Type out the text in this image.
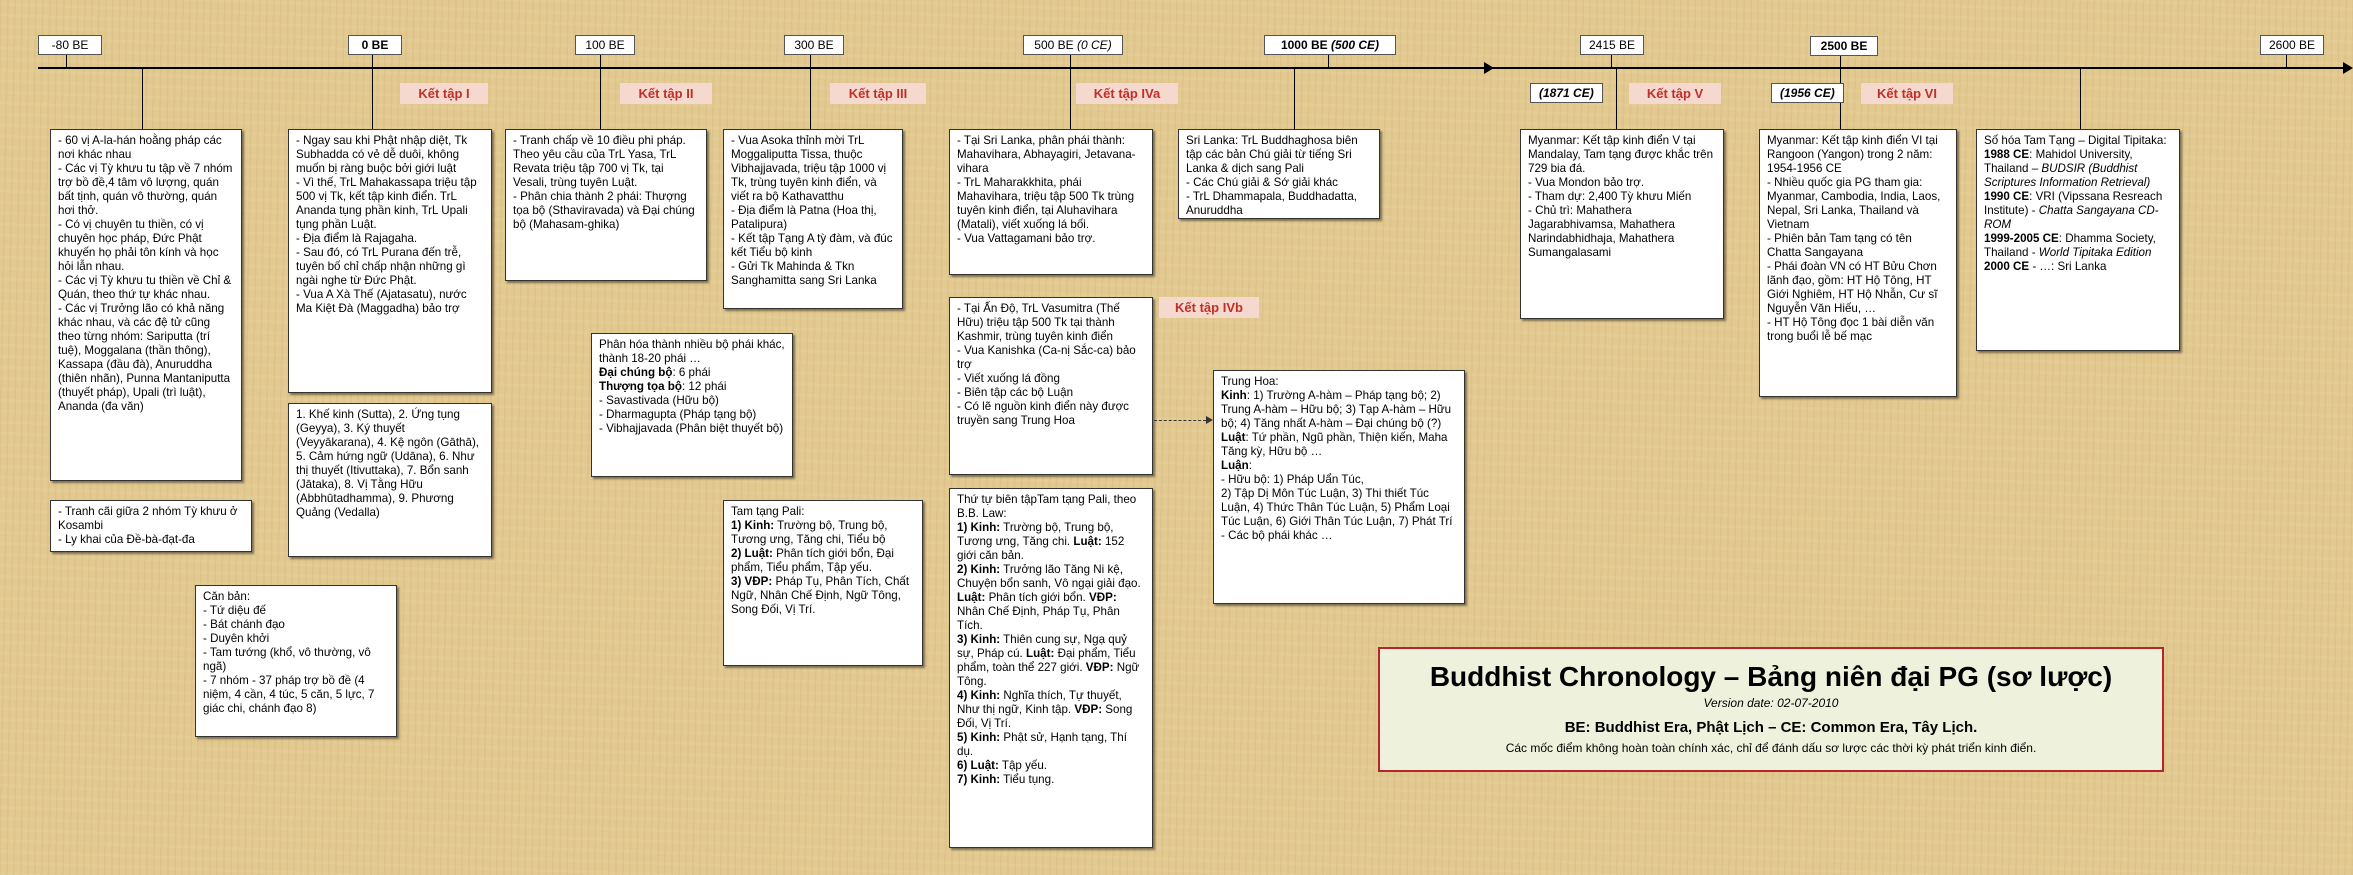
-80 BE	0 BE	100 BE	300 BE	500 BE (0 CE)	1000 BE (500 CE)	2415 BE	2500 BE	2600 BE
Kết tập I	Kết tập II	Kết tập III	Kết tập IVa
Kết tập IVb
Kết tập V	Kết tập VI
(1871 CE)	(1956 CE)
- 60 vị A-la-hán hoằng pháp các nơi khác nhau
- Các vị Tỳ khưu tu tập về 7 nhóm trợ bồ đề,4 tâm vô lượng, quán bất tịnh, quán vô thường, quán hơi thở.
- Có vị chuyên tu thiền, có vị chuyên học pháp, Đức Phật khuyến họ phải tôn kính và học hỏi lẫn nhau.
- Các vị Tỳ khưu tu thiền về Chỉ & Quán, theo thứ tự khác nhau.
- Các vị Trưởng lão có khả năng khác nhau, và các đệ tử cũng theo từng nhóm: Sariputta (trí tuệ), Moggalana (thần thông), Kassapa (đầu đà), Anuruddha (thiên nhãn), Punna Mantaniputta (thuyết pháp), Upali (trì luật), Ananda (đa văn)
- Tranh cãi giữa 2 nhóm Tỳ khưu ở Kosambi
- Ly khai của Đề-bà-đạt-đa
Căn bản:
- Tứ diệu đế
- Bát chánh đạo
- Duyên khởi
- Tam tướng (khổ, vô thường, vô ngã)
- 7 nhóm - 37 pháp trợ bồ đề (4 niệm, 4 cần, 4 túc, 5 căn, 5 lực, 7 giác chi, chánh đạo 8)
- Ngay sau khi Phật nhập diệt, Tk Subhadda có vẻ dễ duôi, không muốn bị ràng buộc bởi giới luật
- Vì thế, TrL Mahakassapa triệu tập 500 vị Tk, kết tập kinh điển. TrL Ananda tụng phần kinh, TrL Upali tụng phần Luật.
- Địa điểm là Rajagaha.
- Sau đó, có TrL Purana đến trễ, tuyên bố chỉ chấp nhận những gì ngài nghe từ Đức Phật.
- Vua A Xà Thế (Ajatasatu), nước Ma Kiệt Đà (Maggadha) bảo trợ
1. Khế kinh (Sutta), 2. Ứng tụng (Geyya), 3. Ký thuyết (Veyyākarana), 4. Kệ ngôn (Gāthā), 5. Cảm hứng ngữ (Udāna), 6. Như thị thuyết (Itivuttaka), 7. Bổn sanh (Jātaka), 8. Vị Tằng Hữu (Abbhūtadhamma), 9. Phương Quảng (Vedalla)
- Tranh chấp về 10 điều phi pháp. Theo yêu cầu của TrL Yasa, TrL Revata triệu tập 700 vị Tk, tại Vesali, trùng tuyên Luật.
- Phân chia thành 2 phái: Thượng tọa bộ (Sthaviravada) và Đại chúng bộ (Mahasam-ghika)
Phân hóa thành nhiều bộ phái khác, thành 18-20 phái …
Đại chúng bộ: 6 phái
Thượng tọa bộ: 12 phái
- Savastivada (Hữu bộ)
- Dharmagupta (Pháp tạng bộ)
- Vibhajjavada (Phân biệt thuyết bộ)
- Vua Asoka thỉnh mời TrL Moggaliputta Tissa, thuộc Vibhajjavada, triệu tập 1000 vị Tk, trùng tuyên kinh điển, và viết ra bộ Kathavatthu
- Địa điểm là Patna (Hoa thị, Patalipura)
- Kết tập Tạng A tỳ đàm, và đúc kết Tiểu bộ kinh
- Gửi Tk Mahinda & Tkn Sanghamitta sang Sri Lanka
Tam tạng Pali:
1) Kinh: Trường bộ, Trung bộ, Tương ưng, Tăng chi, Tiểu bộ
2) Luật: Phân tích giới bổn, Đại phẩm, Tiểu phẩm, Tập yếu.
3) VĐP: Pháp Tụ, Phân Tích, Chất Ngữ, Nhân Chế Định, Ngữ Tông, Song Đối, Vị Trí.
- Tại Sri Lanka, phân phái thành: Mahavihara, Abhayagiri, Jetavana-vihara
- TrL Maharakkhita, phái Mahavihara, triệu tập 500 Tk trùng tuyên kinh điển, tại Aluhavihara (Matali), viết xuống lá bối.
- Vua Vattagamani bảo trợ.
- Tại Ấn Độ, TrL Vasumitra (Thế Hữu) triệu tập 500 Tk tại thành Kashmir, trùng tuyên kinh điển
- Vua Kanishka (Ca-nị Sắc-ca) bảo trợ
- Viết xuống lá đồng
- Biên tập các bộ Luận
- Có lẽ nguồn kinh điển này được truyền sang Trung Hoa
Thứ tự biên tậpTam tạng Pali, theo B.B. Law:
1) Kinh: Trường bộ, Trung bộ, Tương ưng, Tăng chi. Luật: 152 giới căn bản.
2) Kinh: Trưởng lão Tăng Ni kệ, Chuyện bổn sanh, Vô ngại giải đạo. Luật: Phân tích giới bổn. VĐP: Nhân Chế Định, Pháp Tụ, Phân Tích.
3) Kinh: Thiên cung sự, Ngạ quỷ sự, Pháp cú. Luật: Đại phẩm, Tiểu phẩm, toàn thể 227 giới. VĐP: Ngữ Tông.
4) Kinh: Nghĩa thích, Tự thuyết, Như thị ngữ, Kinh tập. VĐP: Song Đối, Vị Trí.
5) Kinh: Phật sử, Hạnh tạng, Thí dụ.
6) Luật: Tập yếu.
7) Kinh: Tiểu tụng.
Sri Lanka: TrL Buddhaghosa biên tập các bản Chú giải từ tiếng Sri Lanka & dịch sang Pali
- Các Chú giải & Sớ giải khác
- TrL Dhammapala, Buddhadatta, Anuruddha
Trung Hoa:
Kinh: 1) Trường A-hàm – Pháp tạng bộ; 2) Trung A-hàm – Hữu bộ; 3) Tạp A-hàm – Hữu bộ; 4) Tăng nhất A-hàm – Đại chúng bộ (?)
Luật: Tứ phần, Ngũ phần, Thiện kiến, Maha Tăng kỳ, Hữu bộ …
Luận:
- Hữu bộ: 1) Pháp Uẩn Túc,
2) Tập Dị Môn Túc Luận, 3) Thi thiết Túc Luận, 4) Thức Thân Túc Luận, 5) Phẩm Loại Túc Luận, 6) Giới Thân Túc Luận, 7) Phát Trí
- Các bộ phái khác …
Myanmar: Kết tập kinh điển V tại Mandalay, Tam tạng được khắc trên 729 bia đá.
- Vua Mondon bảo trợ.
- Tham dự: 2,400 Tỳ khưu Miến
- Chủ trì: Mahathera Jagarabhivamsa, Mahathera Narindabhidhaja, Mahathera Sumangalasami
Myanmar: Kết tập kinh điển VI tại Rangoon (Yangon) trong 2 năm: 1954-1956 CE
- Nhiều quốc gia PG tham gia: Myanmar, Cambodia, India, Laos, Nepal, Sri Lanka, Thailand và Vietnam
- Phiên bản Tam tạng có tên Chatta Sangayana
- Phái đoàn VN có HT Bửu Chơn lãnh đạo, gồm: HT Hộ Tông, HT Giới Nghiêm, HT Hộ Nhẫn, Cư sĩ Nguyễn Văn Hiếu, …
- HT Hộ Tông đọc 1 bài diễn văn trong buổi lễ bế mạc
Số hóa Tam Tạng – Digital Tipitaka:
1988 CE: Mahidol University, Thailand – BUDSIR (Buddhist Scriptures Information Retrieval)
1990 CE: VRI (Vipssana Resreach Institute) - Chatta Sangayana CD-ROM
1999-2005 CE: Dhamma Society, Thailand - World Tipitaka Edition
2000 CE - …: Sri Lanka
Buddhist Chronology – Bảng niên đại PG (sơ lược)
Version date: 02-07-2010
BE: Buddhist Era, Phật Lịch – CE: Common Era, Tây Lịch.
Các mốc điểm không hoàn toàn chính xác, chỉ để đánh dấu sơ lược các thời kỳ phát triển kinh điển.
